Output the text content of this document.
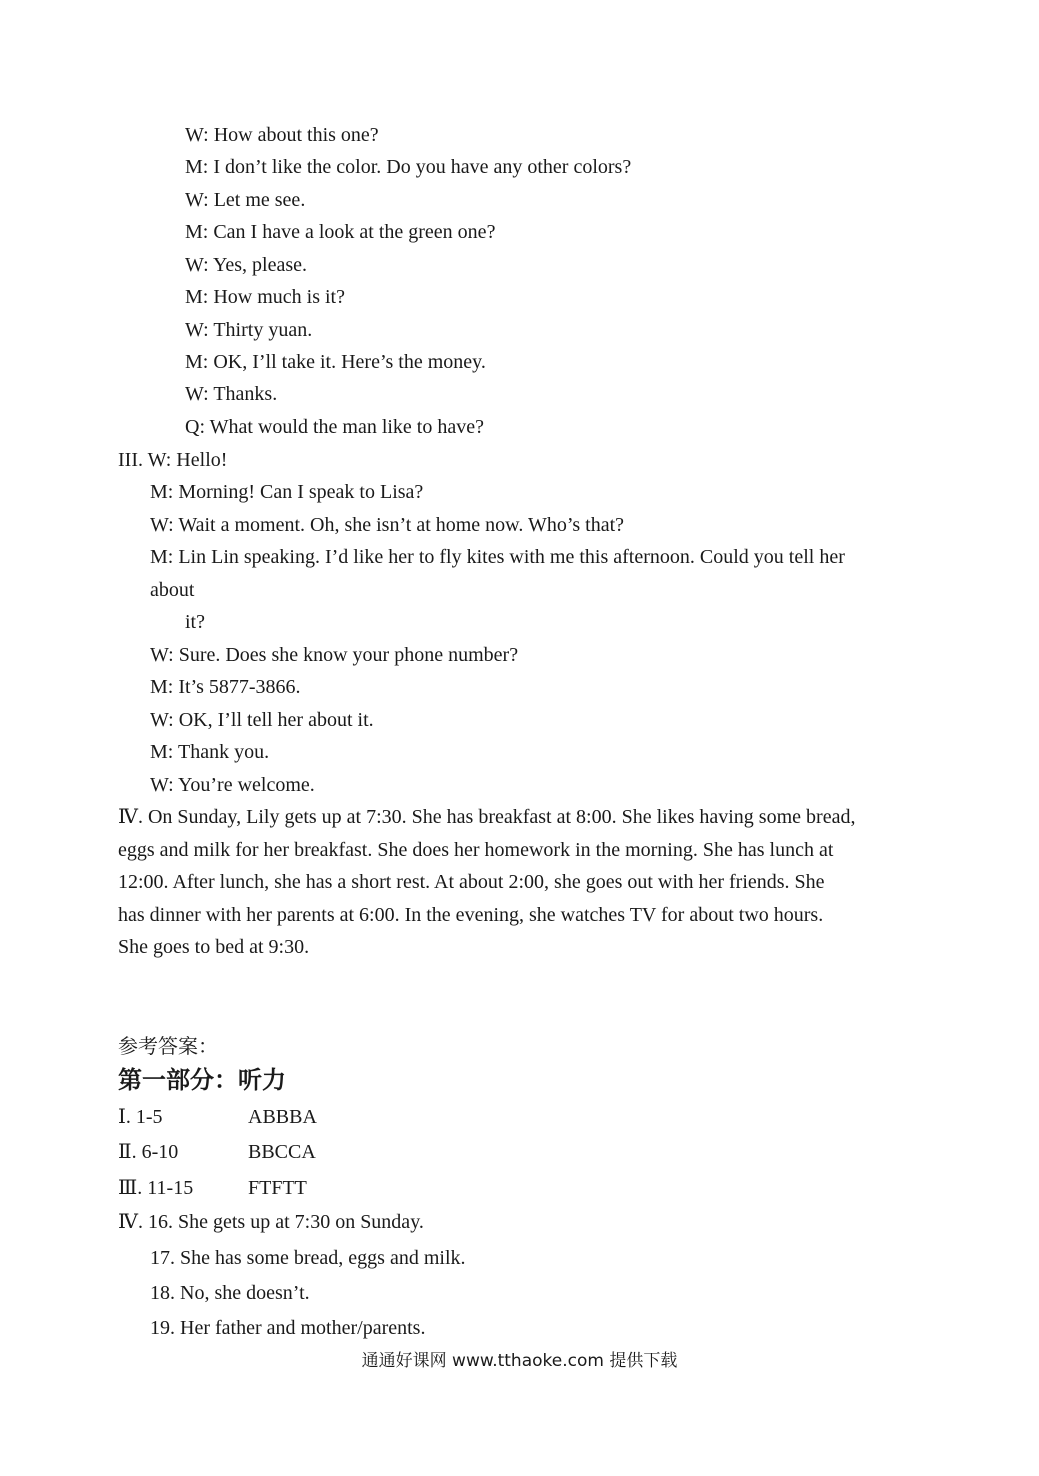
W: How about this one?
M: I don’t like the color. Do you have any other colors?
W: Let me see.
M: Can I have a look at the green one?
W: Yes, please.
M: How much is it?
W: Thirty yuan.
M: OK, I’ll take it. Here’s the money.
W: Thanks.
Q: What would the man like to have?
III. W: Hello!
M: Morning! Can I speak to Lisa?
W: Wait a moment. Oh, she isn’t at home now. Who’s that?
M: Lin Lin speaking. I’d like her to fly kites with me this afternoon. Could you tell her
about
it?
W: Sure. Does she know your phone number?
M: It’s 5877-3866.
W: OK, I’ll tell her about it.
M: Thank you.
W: You’re welcome.
Ⅳ. On Sunday, Lily gets up at 7:30. She has breakfast at 8:00. She likes having some bread,
eggs and milk for her breakfast. She does her homework in the morning. She has lunch at
12:00. After lunch, she has a short rest. At about 2:00, she goes out with her friends. She
has dinner with her parents at 6:00. In the evening, she watches TV for about two hours.
She goes to bed at 9:30.
参考答案：
第一部分：听力
Ⅰ. 1-5	ABBBA
Ⅱ. 6-10	BBCCA
Ⅲ. 11-15	FTFTT
Ⅳ. 16. She gets up at 7:30 on Sunday.
17. She has some bread, eggs and milk.
18. No, she doesn’t.
19. Her father and mother/parents.
通通好课网 www.tthaoke.com 提供下载
